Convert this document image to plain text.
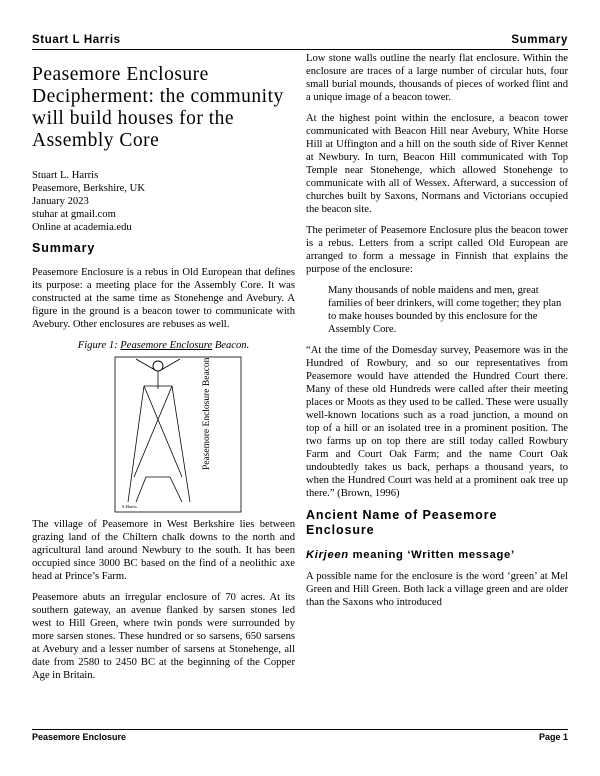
Stuart L Harris	Summary
Peasemore Enclosure Decipherment: the community will build houses for the Assembly Core
Stuart L. Harris
Peasemore, Berkshire, UK
January 2023
stuhar at gmail.com
Online at academia.edu
Summary

Peasemore Enclosure is a rebus in Old European that defines its purpose: a meeting place for the Assembly Core. It was constructed at the same time as Stonehenge and Avebury. A figure in the ground is a beacon tower to communicate with Avebury. Other enclosures are rebuses as well.

Figure 1: Peasemore Enclosure Beacon.
Peasemore Enclosure Beacon
S.Harris

The village of Peasemore in West Berkshire lies between grazing land of the Chiltern chalk downs to the north and agricultural land around Newbury to the south. It has been occupied since 3000 BC based on the find of a neolithic axe head at Prince’s Farm.

Peasemore abuts an irregular enclosure of 70 acres. At its southern gateway, an avenue flanked by sarsen stones led west to Hill Green, where twin ponds were surrounded by more sarsen stones. These hundred or so sarsens, 650 sarsens at Avebury and a lesser number of sarsens at Stonehenge, all date from 2580 to 2450 BC at the beginning of the Copper Age in Britain.

Low stone walls outline the nearly flat enclosure. Within the enclosure are traces of a large number of circular huts, four small burial mounds, thousands of pieces of worked flint and a unique image of a beacon tower.

At the highest point within the enclosure, a beacon tower communicated with Beacon Hill near Avebury, White Horse Hill at Uffington and a hill on the south side of River Kennet at Newbury. In turn, Beacon Hill communicated with Top Temple near Stonehenge, which allowed Stonehenge to communicate with all of Wessex. Afterward, a succession of churches built by Saxons, Normans and Victorians occupied the beacon site.

The perimeter of Peasemore Enclosure plus the beacon tower is a rebus. Letters from a script called Old European are arranged to form a message in Finnish that explains the purpose of the enclosure:

Many thousands of noble maidens and men, great families of beer drinkers, will come together; they plan to make houses bounded by this enclosure for the Assembly Core.

“At the time of the Domesday survey, Peasemore was in the Hundred of Rowbury, and so our representatives from Peasemore would have attended the Hundred Court there. Many of these old Hundreds were called after their meeting places or Moots as they used to be called. These were usually well-known locations such as a road junction, a mound on top of a hill or an isolated tree in a prominent position. The two farms up on top there are still today called Rowbury Farm and Court Oak Farm; and the name Court Oak undoubtedly takes us back, perhaps a thousand years, to when the Hundred Court was held at a prominent oak tree up there.” (Brown, 1996)

Ancient Name of Peasemore Enclosure
Kirjeen meaning ‘Written message’

A possible name for the enclosure is the word ‘green’ at Mel Green and Hill Green. Both lack a village green and are older than the Saxons who introduced

Peasemore Enclosure	Page 1
